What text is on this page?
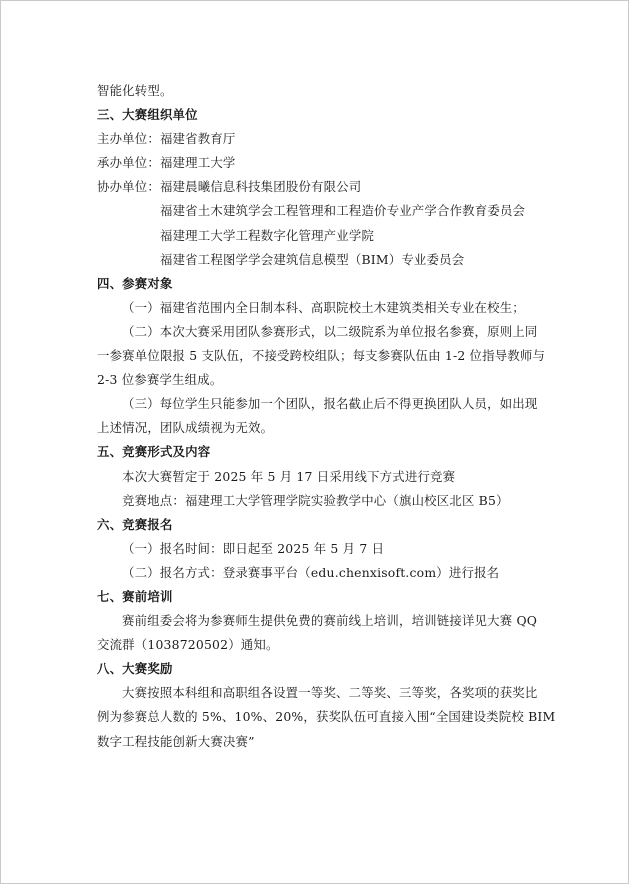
智能化转型。
三、大赛组织单位
主办单位：福建省教育厅
承办单位：福建理工大学
协办单位：福建晨曦信息科技集团股份有限公司
福建省土木建筑学会工程管理和工程造价专业产学合作教育委员会
福建理工大学工程数字化管理产业学院
福建省工程图学学会建筑信息模型（BIM）专业委员会
四、参赛对象
（一）福建省范围内全日制本科、高职院校土木建筑类相关专业在校生；
（二）本次大赛采用团队参赛形式，以二级院系为单位报名参赛，原则上同
一参赛单位限报 5 支队伍，不接受跨校组队；每支参赛队伍由 1-2 位指导教师与
2-3 位参赛学生组成。
（三）每位学生只能参加一个团队，报名截止后不得更换团队人员，如出现
上述情况，团队成绩视为无效。
五、竞赛形式及内容
本次大赛暂定于 2025 年 5 月 17 日采用线下方式进行竞赛
竞赛地点：福建理工大学管理学院实验教学中心（旗山校区北区 B5）
六、竞赛报名
（一）报名时间：即日起至 2025 年 5 月 7 日
（二）报名方式：登录赛事平台（edu.chenxisoft.com）进行报名
七、赛前培训
赛前组委会将为参赛师生提供免费的赛前线上培训，培训链接详见大赛 QQ
交流群（1038720502）通知。
八、大赛奖励
大赛按照本科组和高职组各设置一等奖、二等奖、三等奖，各奖项的获奖比
例为参赛总人数的 5%、10%、20%，获奖队伍可直接入围“全国建设类院校 BIM
数字工程技能创新大赛决赛”
